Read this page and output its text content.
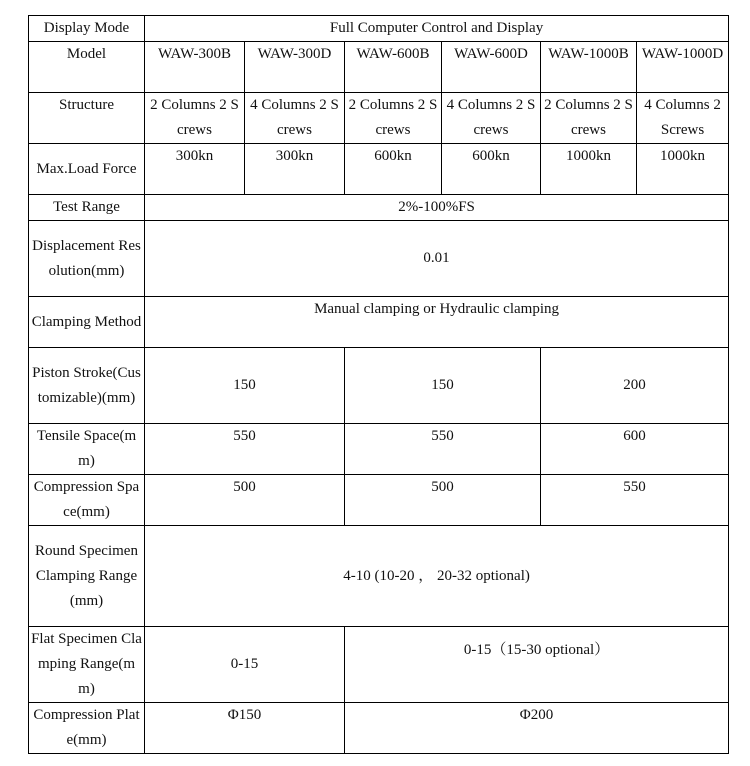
Display Mode	Full Computer Control and Display					
Model	WAW-300B	WAW-300D	WAW-600B	WAW-600D	WAW-1000B	WAW-1000D
Structure	2 Columns 2 Screws	4 Columns 2 Screws	2 Columns 2 Screws	4 Columns 2 Screws	2 Columns 2 Screws	4 Columns 2 Screws
Max.Load Force	300kn	300kn	600kn	600kn	1000kn	1000kn
Test Range	2%-100%FS					
Displacement Resolution(mm)	0.01					
Clamping Method	Manual clamping or Hydraulic clamping					
Piston Stroke(Customizable)(mm)	150		150		200	
Tensile Space(mm)	550		550		600	
Compression Space(mm)	500		500		550	
Round Specimen Clamping Range(mm)	4-10 (10-20 ， 20-32 optional)					
Flat Specimen Clamping Range(mm)	0-15		0-15（15-30 optional）			
Compression Plate(mm)	Φ150		Φ200			
